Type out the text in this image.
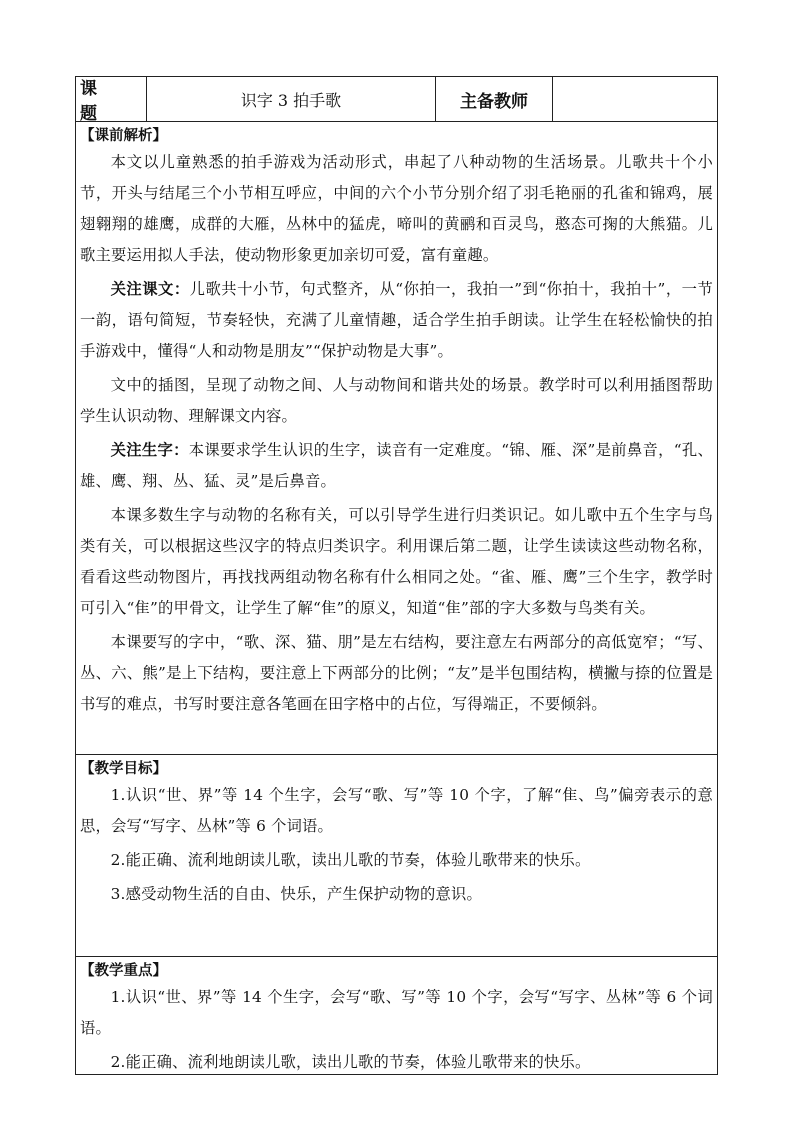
课　题
识字 3 拍手歌	主备教师
【课前解析】

本文以儿童熟悉的拍手游戏为活动形式，串起了八种动物的生活场景。儿歌共十个小节，开头与结尾三个小节相互呼应，中间的六个小节分别介绍了羽毛艳丽的孔雀和锦鸡，展翅翱翔的雄鹰，成群的大雁，丛林中的猛虎，啼叫的黄鹂和百灵鸟，憨态可掬的大熊猫。儿歌主要运用拟人手法，使动物形象更加亲切可爱，富有童趣。

关注课文：儿歌共十小节，句式整齐，从“你拍一，我拍一”到“你拍十，我拍十”，一节一韵，语句简短，节奏轻快，充满了儿童情趣，适合学生拍手朗读。让学生在轻松愉快的拍手游戏中，懂得“人和动物是朋友”“保护动物是大事”。

文中的插图，呈现了动物之间、人与动物间和谐共处的场景。教学时可以利用插图帮助学生认识动物、理解课文内容。

关注生字：本课要求学生认识的生字，读音有一定难度。“锦、雁、深”是前鼻音，“孔、雄、鹰、翔、丛、猛、灵”是后鼻音。

本课多数生字与动物的名称有关，可以引导学生进行归类识记。如儿歌中五个生字与鸟类有关，可以根据这些汉字的特点归类识字。利用课后第二题，让学生读读这些动物名称，看看这些动物图片，再找找两组动物名称有什么相同之处。“雀、雁、鹰”三个生字，教学时可引入“隹”的甲骨文，让学生了解“隹”的原义，知道“隹”部的字大多数与鸟类有关。

本课要写的字中，“歌、深、猫、朋”是左右结构，要注意左右两部分的高低宽窄；“写、丛、六、熊”是上下结构，要注意上下两部分的比例；“友”是半包围结构，横撇与捺的位置是书写的难点，书写时要注意各笔画在田字格中的占位，写得端正，不要倾斜。

【教学目标】

1.认识“世、界”等 14 个生字，会写“歌、写”等 10 个字，了解“隹、鸟”偏旁表示的意思，会写“写字、丛林”等 6 个词语。

2.能正确、流利地朗读儿歌，读出儿歌的节奏，体验儿歌带来的快乐。

3.感受动物生活的自由、快乐，产生保护动物的意识。

【教学重点】

1.认识“世、界”等 14 个生字，会写“歌、写”等 10 个字，会写“写字、丛林”等 6 个词语。

2.能正确、流利地朗读儿歌，读出儿歌的节奏，体验儿歌带来的快乐。
